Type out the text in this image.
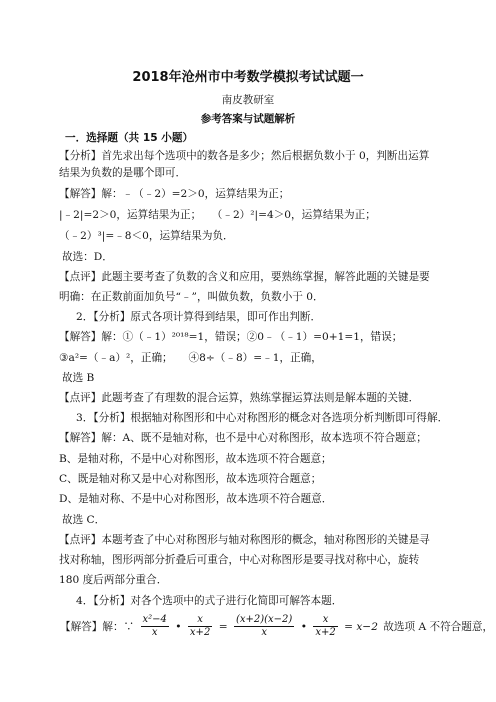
2018年沧州市中考数学模拟考试试题一
南皮教研室
参考答案与试题解析
一．选择题（共 15 小题）
【分析】首先求出每个选项中的数各是多少；然后根据负数小于 0，判断出运算
结果为负数的是哪个即可．
【解答】解：﹣（﹣2）=2＞0，运算结果为正；
|﹣2|=2＞0，运算结果为正；　　（﹣2）²|=4＞0，运算结果为正；
（﹣2）³|=﹣8＜0，运算结果为负．
故选：D．
【点评】此题主要考查了负数的含义和应用，要熟练掌握，解答此题的关键是要
明确：在正数前面加负号“﹣”，叫做负数，负数小于 0．
2．【分析】原式各项计算得到结果，即可作出判断．
【解答】解：①（﹣1）²⁰¹⁸=1，错误；②0﹣（﹣1）=0+1=1，错误；
③a²=（﹣a）²，正确；　　④8÷（﹣8）=﹣1，正确，
故选 B
【点评】此题考查了有理数的混合运算，熟练掌握运算法则是解本题的关键．
3．【分析】根据轴对称图形和中心对称图形的概念对各选项分析判断即可得解．
【解答】解：A、既不是轴对称，也不是中心对称图形，故本选项不符合题意；
B、是轴对称，不是中心对称图形，故本选项不符合题意；
C、既是轴对称又是中心对称图形，故本选项符合题意；
D、是轴对称、不是中心对称图形，故本选项不符合题意．
故选 C．
【点评】本题考查了中心对称图形与轴对称图形的概念，轴对称图形的关键是寻
找对称轴，图形两部分折叠后可重合，中心对称图形是要寻找对称中心，旋转
180 度后两部分重合．
4．【分析】对各个选项中的式子进行化简即可解答本题．
【解答】解：∵ $\frac{\text{x²−4}}{x}$ • $\frac{x}{x+2} = \frac{(x+2)(x-2)}{x}$ • $\frac{x}{x+2} = x-2$ 故选项 A 不符合题意，
